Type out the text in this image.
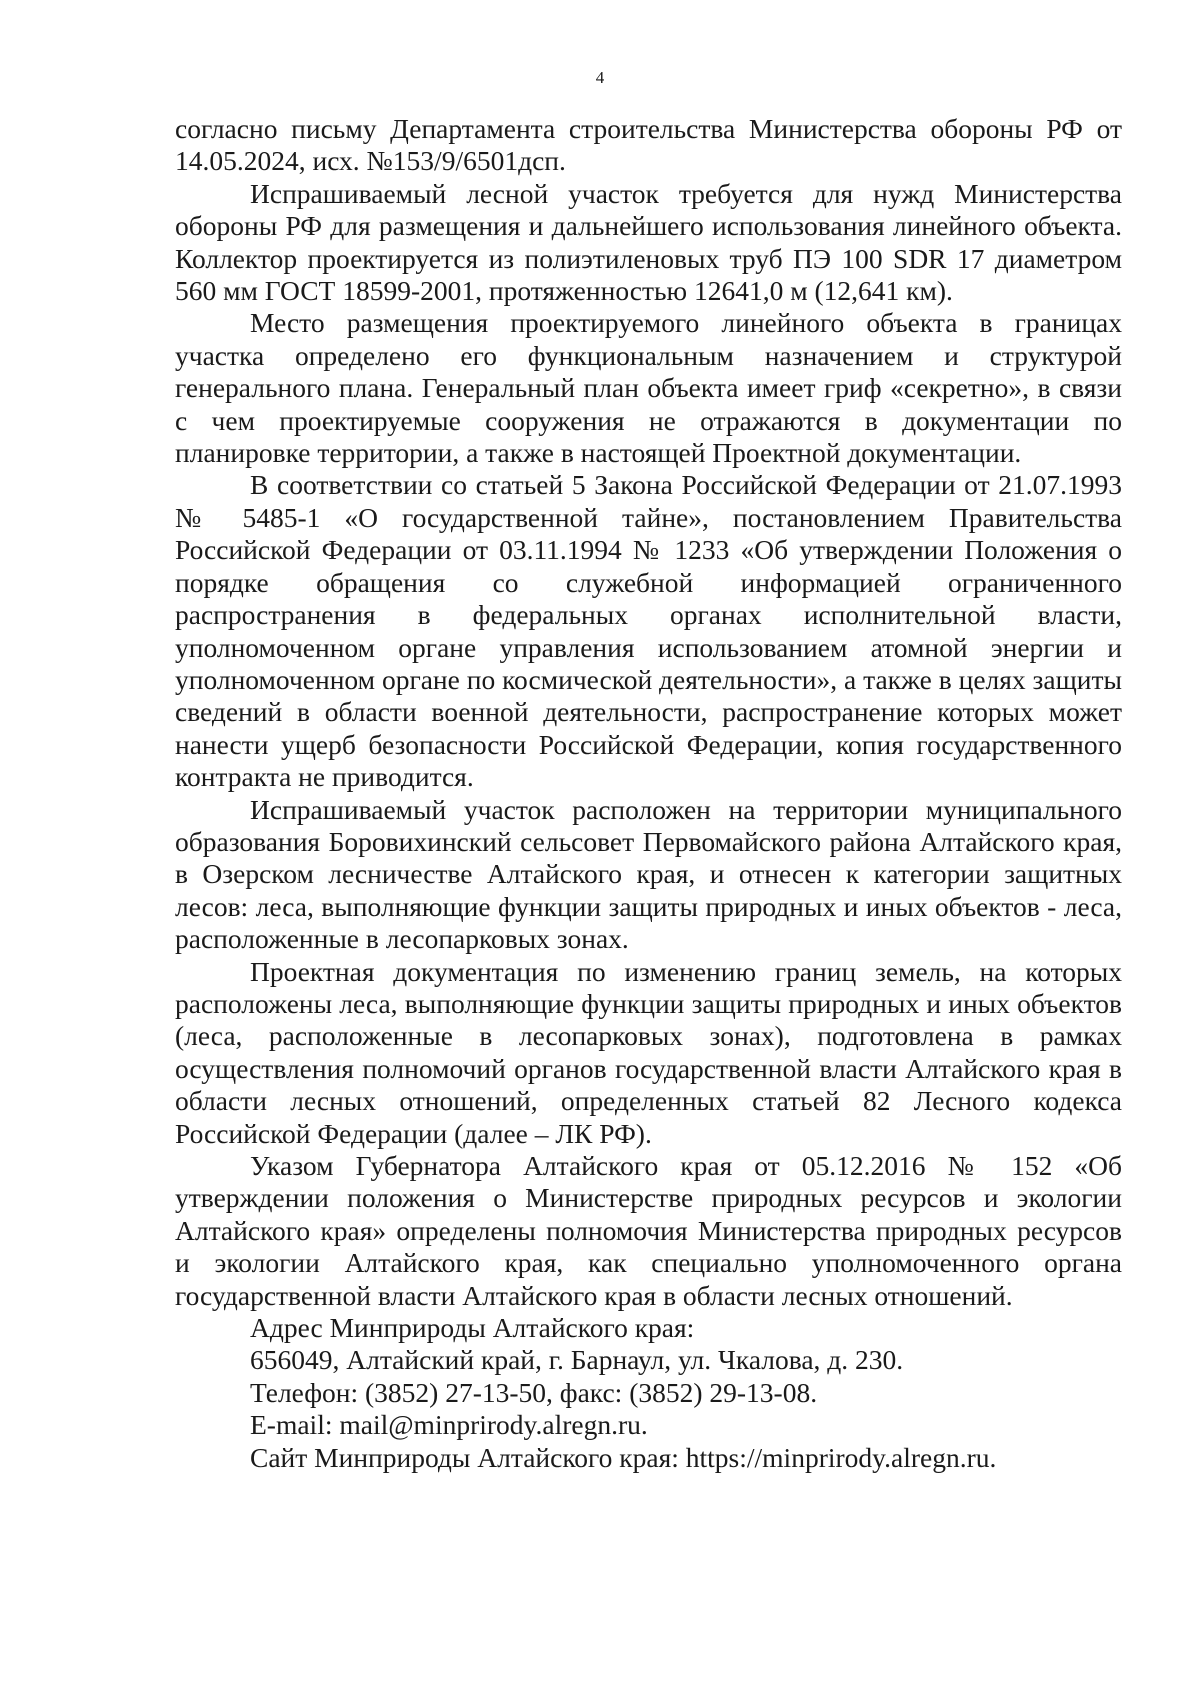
4

согласно письму Департамента строительства Министерства обороны РФ от 14.05.2024, исх. №153/9/6501дсп.

Испрашиваемый лесной участок требуется для нужд Министерства обороны РФ для размещения и дальнейшего использования линейного объекта. Коллектор проектируется из полиэтиленовых труб ПЭ 100 SDR 17 диаметром 560 мм ГОСТ 18599-2001, протяженностью 12641,0 м (12,641 км).

Место размещения проектируемого линейного объекта в границах участка определено его функциональным назначением и структурой генерального плана. Генеральный план объекта имеет гриф «секретно», в связи с чем проектируемые сооружения не отражаются в документации по планировке территории, а также в настоящей Проектной документации.

В соответствии со статьей 5 Закона Российской Федерации от 21.07.1993 № 5485-1 «О государственной тайне», постановлением Правительства Российской Федерации от 03.11.1994 № 1233 «Об утверждении Положения о порядке обращения со служебной информацией ограниченного распространения в федеральных органах исполнительной власти, уполномоченном органе управления использованием атомной энергии и уполномоченном органе по космической деятельности», а также в целях защиты сведений в области военной деятельности, распространение которых может нанести ущерб безопасности Российской Федерации, копия государственного контракта не приводится.

Испрашиваемый участок расположен на территории муниципального образования Боровихинский сельсовет Первомайского района Алтайского края, в Озерском лесничестве Алтайского края, и отнесен к категории защитных лесов: леса, выполняющие функции защиты природных и иных объектов - леса, расположенные в лесопарковых зонах.

Проектная документация по изменению границ земель, на которых расположены леса, выполняющие функции защиты природных и иных объектов (леса, расположенные в лесопарковых зонах), подготовлена в рамках осуществления полномочий органов государственной власти Алтайского края в области лесных отношений, определенных статьей 82 Лесного кодекса Российской Федерации (далее – ЛК РФ).

Указом Губернатора Алтайского края от 05.12.2016 № 152 «Об утверждении положения о Министерстве природных ресурсов и экологии Алтайского края» определены полномочия Министерства природных ресурсов и экологии Алтайского края, как специально уполномоченного органа государственной власти Алтайского края в области лесных отношений.

Адрес Минприроды Алтайского края:
656049, Алтайский край, г. Барнаул, ул. Чкалова, д. 230.
Телефон: (3852) 27-13-50, факс: (3852) 29-13-08.
E-mail: mail@minprirody.alregn.ru.
Сайт Минприроды Алтайского края: https://minprirody.alregn.ru.
